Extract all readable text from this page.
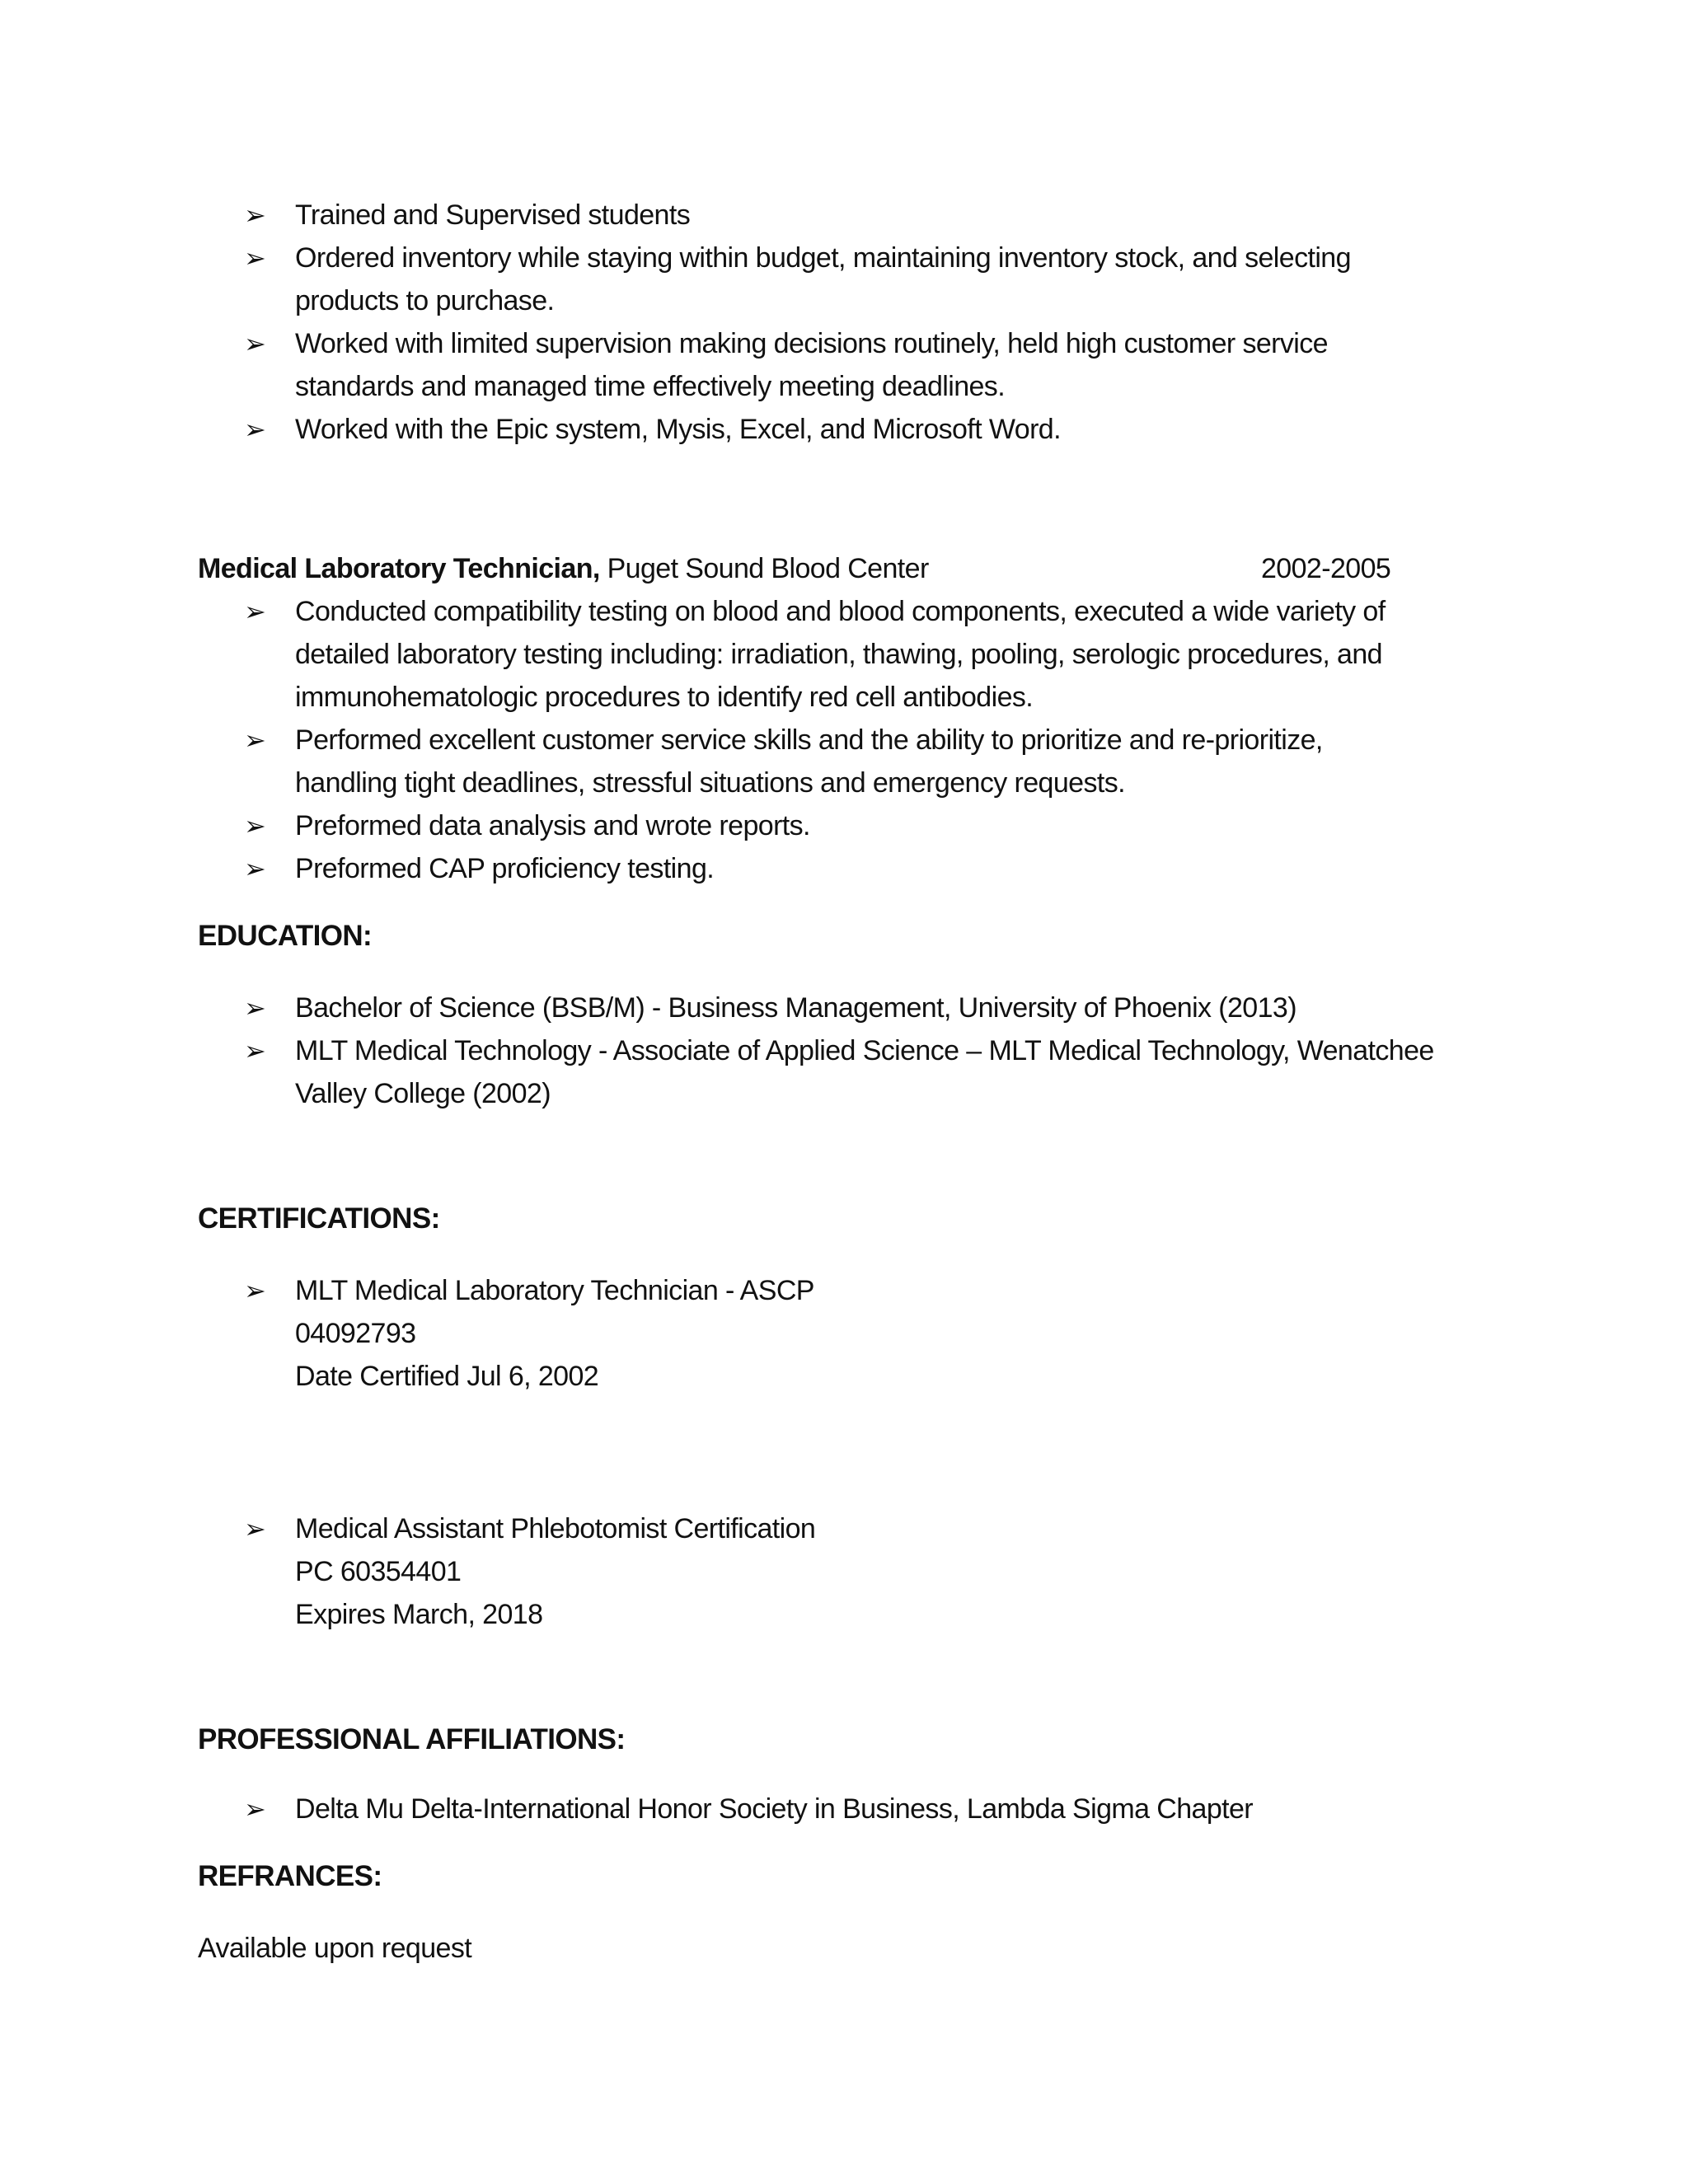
➢	Trained and Supervised students
➢	Ordered inventory while staying within budget, maintaining inventory stock, and selecting
products to purchase.
➢	Worked with limited supervision making decisions routinely, held high customer service
standards and managed time effectively meeting deadlines.
➢	Worked with the Epic system, Mysis, Excel, and Microsoft Word.
Medical Laboratory Technician, Puget Sound Blood Center	2002-2005
➢	Conducted compatibility testing on blood and blood components, executed a wide variety of
detailed laboratory testing including: irradiation, thawing, pooling, serologic procedures, and
immunohematologic procedures to identify red cell antibodies.
➢	Performed excellent customer service skills and the ability to prioritize and re-prioritize,
handling tight deadlines, stressful situations and emergency requests.
➢	Preformed data analysis and wrote reports.
➢	Preformed CAP proficiency testing.
EDUCATION:
➢	Bachelor of Science (BSB/M) - Business Management, University of Phoenix (2013)
➢	MLT Medical Technology - Associate of Applied Science – MLT Medical Technology, Wenatchee
Valley College (2002)
CERTIFICATIONS:
➢	MLT Medical Laboratory Technician - ASCP
04092793
Date Certified Jul 6, 2002
➢	Medical Assistant Phlebotomist Certification
PC 60354401
Expires March, 2018
PROFESSIONAL AFFILIATIONS:
➢	Delta Mu Delta-International Honor Society in Business, Lambda Sigma Chapter
REFRANCES:
Available upon request
